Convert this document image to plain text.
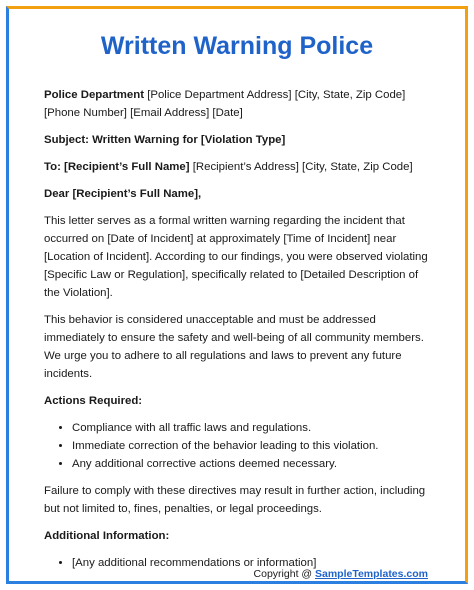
Written Warning Police

Police Department [Police Department Address] [City, State, Zip Code] [Phone Number] [Email Address] [Date]

Subject: Written Warning for [Violation Type]

To: [Recipient’s Full Name] [Recipient’s Address] [City, State, Zip Code]

Dear [Recipient’s Full Name],

This letter serves as a formal written warning regarding the incident that occurred on [Date of Incident] at approximately [Time of Incident] near [Location of Incident]. According to our findings, you were observed violating [Specific Law or Regulation], specifically related to [Detailed Description of the Violation].

This behavior is considered unacceptable and must be addressed immediately to ensure the safety and well-being of all community members. We urge you to adhere to all regulations and laws to prevent any future incidents.

Actions Required:

• Compliance with all traffic laws and regulations.
• Immediate correction of the behavior leading to this violation.
• Any additional corrective actions deemed necessary.

Failure to comply with these directives may result in further action, including but not limited to, fines, penalties, or legal proceedings.

Additional Information:

• [Any additional recommendations or information]
Copyright @ SampleTemplates.com
